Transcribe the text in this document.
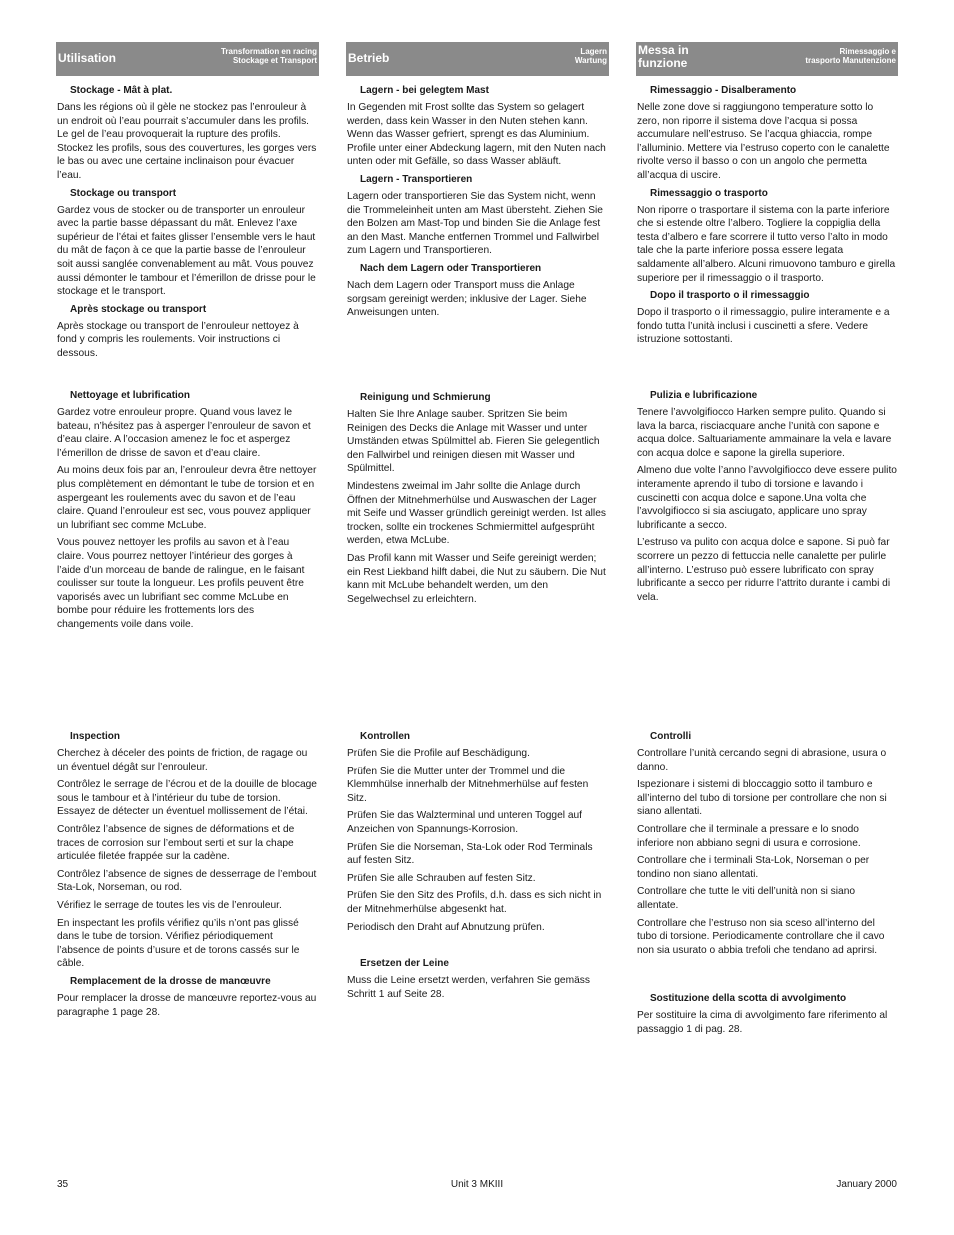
Utilisation	Transformation en racing
Stockage et Transport	Betrieb	Lagern
Wartung
Messa in funzione
Rimessaggio e
trasporto Manutenzione
Stockage - Mât à plat.

Dans les régions où il gèle ne stockez pas l’enrouleur à un endroit où l’eau pourrait s’accumuler dans les profils. Le gel de l’eau provoquerait la rupture des profils. Stockez les profils, sous des couvertures, les gorges vers le bas ou avec une certaine inclinaison pour évacuer l’eau.

Stockage ou transport

Gardez vous de stocker ou de transporter un enrouleur avec la partie basse dépassant du mât. Enlevez l’axe supérieur de l’étai et faites glisser l’ensemble vers le haut du mât de façon à ce que la partie basse de l’enrouleur soit aussi sanglée convenablement au mât. Vous pouvez aussi démonter le tambour et l’émerillon de drisse pour le stockage et le transport.

Après stockage ou transport

Après stockage ou transport de l’enrouleur nettoyez à fond y compris les roulements. Voir instructions ci dessous.

Nettoyage et lubrification

Gardez votre enrouleur propre. Quand vous lavez le bateau, n’hésitez pas à asperger l’enrouleur de savon et d’eau claire. A l’occasion amenez le foc et aspergez l’émerillon de drisse de savon et d’eau claire.

Au moins deux fois par an, l’enrouleur devra être nettoyer plus complètement en démontant le tube de torsion et en aspergeant les roulements avec du savon et de l’eau claire. Quand l’enrouleur est sec, vous pouvez appliquer un lubrifiant sec comme McLube.

Vous pouvez nettoyer les profils au savon et à l’eau claire. Vous pourrez nettoyer l’intérieur des gorges à l’aide d’un morceau de bande de ralingue, en le faisant coulisser sur toute la longueur. Les profils peuvent être vaporisés avec un lubrifiant sec comme McLube en bombe pour réduire les frottements lors des changements voile dans voile.

Inspection

Cherchez à déceler des points de friction, de ragage ou un éventuel dégât sur l’enrouleur.

Contrôlez le serrage de l’écrou et de la douille de blocage sous le tambour et à l’intérieur du tube de torsion. Essayez de détecter un éventuel mollissement de l’étai.

Contrôlez l’absence de signes de déformations et de traces de corrosion sur l’embout serti et sur la chape articulée filetée frappée sur la cadène.

Contrôlez l’absence de signes de desserrage de l’embout Sta-Lok, Norseman, ou rod.

Vérifiez le serrage de toutes les vis de l’enrouleur.

En inspectant les profils vérifiez qu’ils n’ont pas glissé dans le tube de torsion. Vérifiez périodiquement l’absence de points d’usure et de torons cassés sur le câble.

Remplacement de la drosse de manœuvre

Pour remplacer la drosse de manœuvre reportez-vous au paragraphe 1 page 28.

Lagern - bei gelegtem Mast

In Gegenden mit Frost sollte das System so gelagert werden, dass kein Wasser in den Nuten stehen kann. Wenn das Wasser gefriert, sprengt es das Aluminium. Profile unter einer Abdeckung lagern, mit den Nuten nach unten oder mit Gefälle, so dass Wasser abläuft.

Lagern - Transportieren

Lagern oder transportieren Sie das System nicht, wenn die Trommeleinheit unten am Mast übersteht. Ziehen Sie den Bolzen am Mast-Top und binden Sie die Anlage fest an den Mast. Manche entfernen Trommel und Fallwirbel zum Lagern und Transportieren.

Nach dem Lagern oder Transportieren

Nach dem Lagern oder Transport muss die Anlage sorgsam gereinigt werden; inklusive der Lager. Siehe Anweisungen unten.

Reinigung und Schmierung

Halten Sie Ihre Anlage sauber. Spritzen Sie beim Reinigen des Decks die Anlage mit Wasser und unter Umständen etwas Spülmittel ab. Fieren Sie gelegentlich den Fallwirbel und reinigen diesen mit Wasser und Spülmittel.

Mindestens zweimal im Jahr sollte die Anlage durch Öffnen der Mitnehmerhülse und Auswaschen der Lager mit Seife und Wasser gründlich gereinigt werden. Ist alles trocken, sollte ein trockenes Schmiermittel aufgesprüht werden, etwa McLube.

Das Profil kann mit Wasser und Seife gereinigt werden; ein Rest Liekband hilft dabei, die Nut zu säubern. Die Nut kann mit McLube behandelt werden, um den Segelwechsel zu erleichtern.

Kontrollen

Prüfen Sie die Profile auf Beschädigung.

Prüfen Sie die Mutter unter der Trommel und die Klemmhülse innerhalb der Mitnehmerhülse auf festen Sitz.

Prüfen Sie das Walzterminal und unteren Toggel auf Anzeichen von Spannungs-Korrosion.

Prüfen Sie die Norseman, Sta-Lok oder Rod Terminals auf festen Sitz.

Prüfen Sie alle Schrauben auf festen Sitz.

Prüfen Sie den Sitz des Profils, d.h. dass es sich nicht in der Mitnehmerhülse abgesenkt hat.

Periodisch den Draht auf Abnutzung prüfen.

Ersetzen der Leine

Muss die Leine ersetzt werden, verfahren Sie gemäss Schritt 1 auf Seite 28.

Rimessaggio - Disalberamento

Nelle zone dove si raggiungono temperature sotto lo zero, non riporre il sistema dove l’acqua si possa accumulare nell’estruso. Se l’acqua ghiaccia, rompe l’alluminio. Mettere via l’estruso coperto con le canalette rivolte verso il basso o con un angolo che permetta all’acqua di uscire.

Rimessaggio o trasporto

Non riporre o trasportare il sistema con la parte inferiore che si estende oltre l’albero. Togliere la coppiglia della testa d’albero e fare scorrere il tutto verso l’alto in modo tale che la parte inferiore possa essere legata saldamente all’albero. Alcuni rimuovono tamburo e girella superiore per il rimessaggio o il trasporto.

Dopo il trasporto o il rimessaggio

Dopo il trasporto o il rimessaggio, pulire interamente e a fondo tutta l’unità inclusi i cuscinetti a sfere. Vedere istruzione sottostanti.

Pulizia e lubrificazione

Tenere l’avvolgifiocco Harken sempre pulito. Quando si lava la barca, risciacquare anche l’unità con sapone e acqua dolce. Saltuariamente ammainare la vela e lavare con acqua dolce e sapone la girella superiore.

Almeno due volte l’anno l’avvolgifiocco deve essere pulito interamente aprendo il tubo di torsione e lavando i cuscinetti con acqua dolce e sapone.Una volta che l’avvolgifiocco si sia asciugato, applicare uno spray lubrificante a secco.

L’estruso va pulito con acqua dolce e sapone. Si può far scorrere un pezzo di fettuccia nelle canalette per pulirle all’interno. L’estruso può essere lubrificato con spray lubrificante a secco per ridurre l’attrito durante i cambi di vela.

Controlli

Controllare l’unità cercando segni di abrasione, usura o danno.

Ispezionare i sistemi di bloccaggio sotto il tamburo e all’interno del tubo di torsione per controllare che non si siano allentati.

Controllare che il terminale a pressare e lo snodo inferiore non abbiano segni di usura e corrosione.

Controllare che i terminali Sta-Lok, Norseman o per tondino non siano allentati.

Controllare che tutte le viti dell’unità non si siano allentate.

Controllare che l’estruso non sia sceso all’interno del tubo di torsione. Periodicamente controllare che il cavo non sia usurato o abbia trefoli che tendano ad aprirsi.

Sostituzione della scotta di avvolgimento

Per sostituire la cima di avvolgimento fare riferimento al passaggio 1 di pag. 28.

35	Unit 3 MKIII	January 2000
